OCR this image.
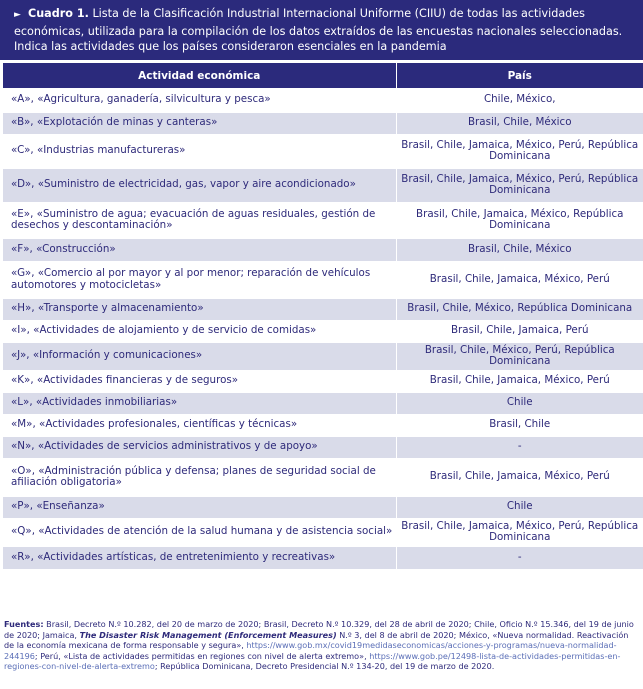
► Cuadro 1. Lista de la Clasificación Industrial Internacional Uniforme (CIIU) de todas las actividades económicas, utilizada para la compilación de los datos extraídos de las encuestas nacionales seleccionadas. Indica las actividades que los países consideraron esenciales en la pandemia
Actividad económica	País
«A», «Agricultura, ganadería, silvicultura y pesca»	Chile, México,
«B», «Explotación de minas y canteras»	Brasil, Chile, México
«C», «Industrias manufactureras»	Brasil, Chile, Jamaica, México, Perú, República Dominicana
«D», «Suministro de electricidad, gas, vapor y aire acondicionado»	Brasil, Chile, Jamaica, México, Perú, República Dominicana
«E», «Suministro de agua; evacuación de aguas residuales, gestión de desechos y descontaminación»	Brasil, Chile, Jamaica, México, República Dominicana
«F», «Construcción»	Brasil, Chile, México
«G», «Comercio al por mayor y al por menor; reparación de vehículos automotores y motocicletas»	Brasil, Chile, Jamaica, México, Perú
«H», «Transporte y almacenamiento»	Brasil, Chile, México, República Dominicana
«I», «Actividades de alojamiento y de servicio de comidas»	Brasil, Chile, Jamaica, Perú
«J», «Información y comunicaciones»	Brasil, Chile, México, Perú, República Dominicana
«K», «Actividades financieras y de seguros»	Brasil, Chile, Jamaica, México, Perú
«L», «Actividades inmobiliarias»	Chile
«M», «Actividades profesionales, científicas y técnicas»	Brasil, Chile
«N», «Actividades de servicios administrativos y de apoyo»	-
«O», «Administración pública y defensa; planes de seguridad social de afiliación obligatoria»	Brasil, Chile, Jamaica, México, Perú
«P», «Enseñanza»	Chile
«Q», «Actividades de atención de la salud humana y de asistencia social»	Brasil, Chile, Jamaica, México, Perú, República Dominicana
«R», «Actividades artísticas, de entretenimiento y recreativas»	-
Fuentes: Brasil, Decreto N.º 10.282, del 20 de marzo de 2020; Brasil, Decreto N.º 10.329, del 28 de abril de 2020; Chile, Oficio N.º 15.346, del 19 de junio de 2020; Jamaica, The Disaster Risk Management (Enforcement Measures) N.º 3, del 8 de abril de 2020; México, «Nueva normalidad. Reactivación de la economía mexicana de forma responsable y segura», https://www.gob.mx/covid19medidaseconomicas/acciones-y-programas/nueva-normalidad-244196; Perú, «Lista de actividades permitidas en regiones con nivel de alerta extremo», https://www.gob.pe/12498-lista-de-actividades-permitidas-en-regiones-con-nivel-de-alerta-extremo; República Dominicana, Decreto Presidencial N.º 134-20, del 19 de marzo de 2020.
